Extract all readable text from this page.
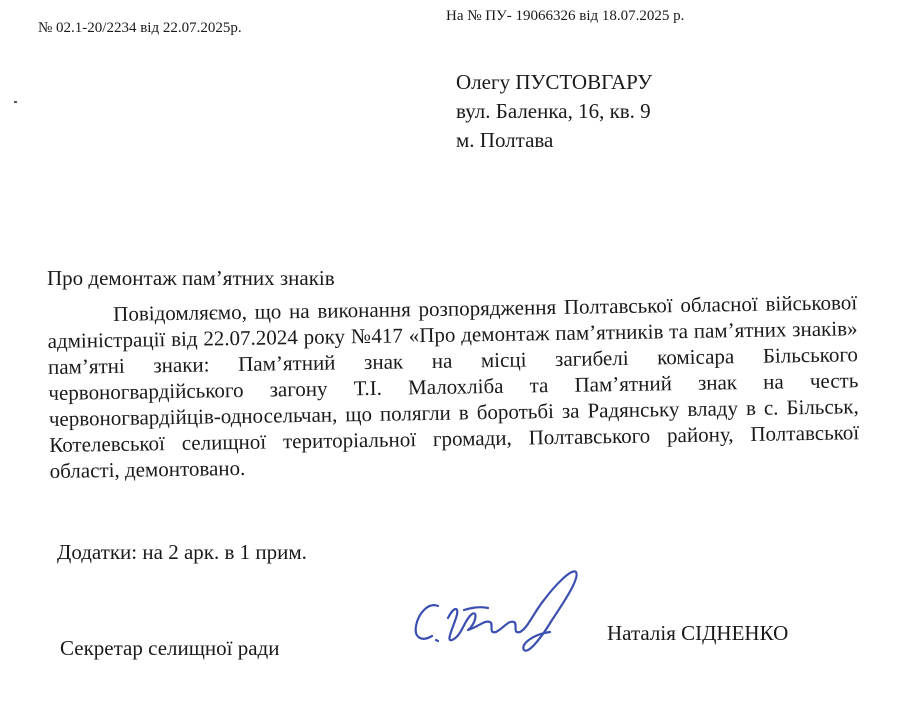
№ 02.1-20/2234 від 22.07.2025р.
На № ПУ- 19066326 від 18.07.2025 р.
Олегу ПУСТОВГАРУ
вул. Баленка, 16, кв. 9
м. Полтава
Про демонтаж пам’ятних знаків
Повідомляємо, що на виконання розпорядження Полтавської обласної військової адміністрації від 22.07.2024 року №417 «Про демонтаж пам’ятників та пам’ятних знаків» пам’ятні знаки: Пам’ятний знак на місці загибелі комісара Більського червоногвардійського загону Т.І. Малохліба та Пам’ятний знак на честь червоногвардійців-односельчан, що полягли в боротьбі за Радянську владу в с. Більськ, Котелевської селищної територіальної громади, Полтавського району, Полтавської області, демонтовано.
Додатки: на 2 арк. в 1 прим.
Секретар селищної ради
Наталія СІДНЕНКО
